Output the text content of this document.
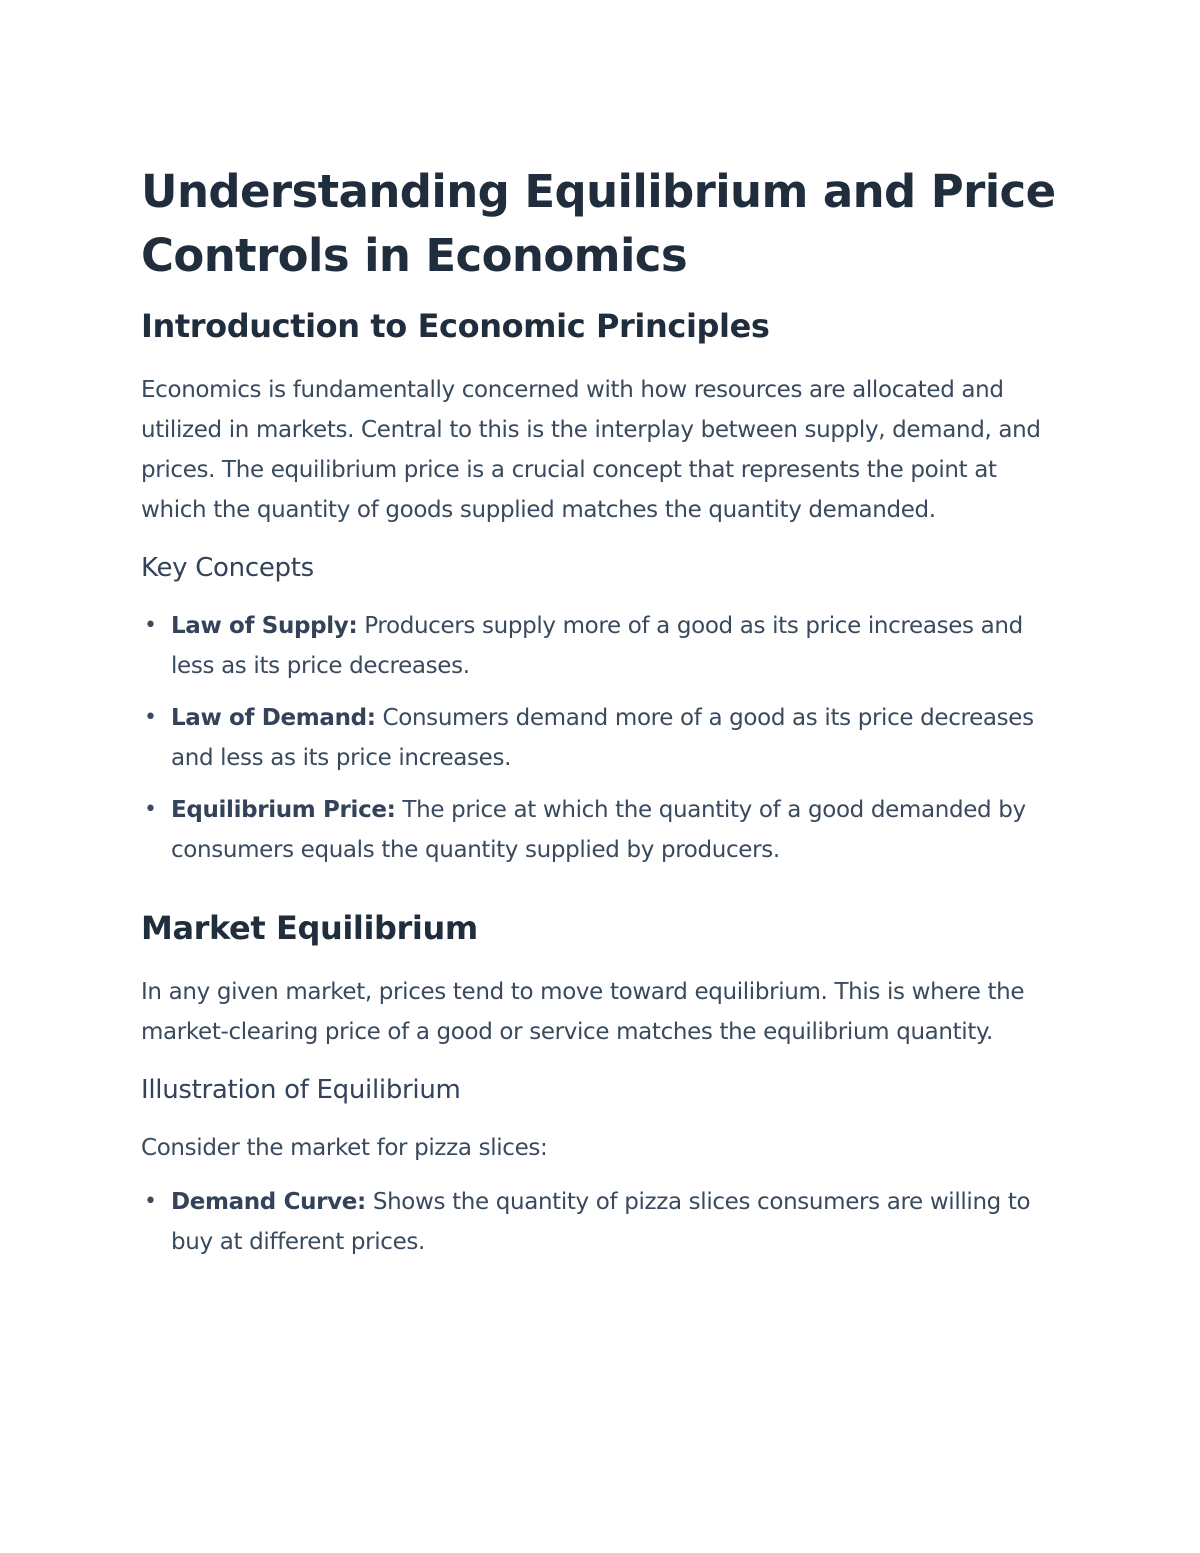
Understanding Equilibrium and Price Controls in Economics
Introduction to Economic Principles

Economics is fundamentally concerned with how resources are allocated and utilized in markets. Central to this is the interplay between supply, demand, and prices. The equilibrium price is a crucial concept that represents the point at which the quantity of goods supplied matches the quantity demanded.

Key Concepts
• Law of Supply: Producers supply more of a good as its price increases and less as its price decreases.
• Law of Demand: Consumers demand more of a good as its price decreases and less as its price increases.
• Equilibrium Price: The price at which the quantity of a good demanded by consumers equals the quantity supplied by producers.
Market Equilibrium

In any given market, prices tend to move toward equilibrium. This is where the market-clearing price of a good or service matches the equilibrium quantity.

Illustration of Equilibrium

Consider the market for pizza slices:

• Demand Curve: Shows the quantity of pizza slices consumers are willing to buy at different prices.
